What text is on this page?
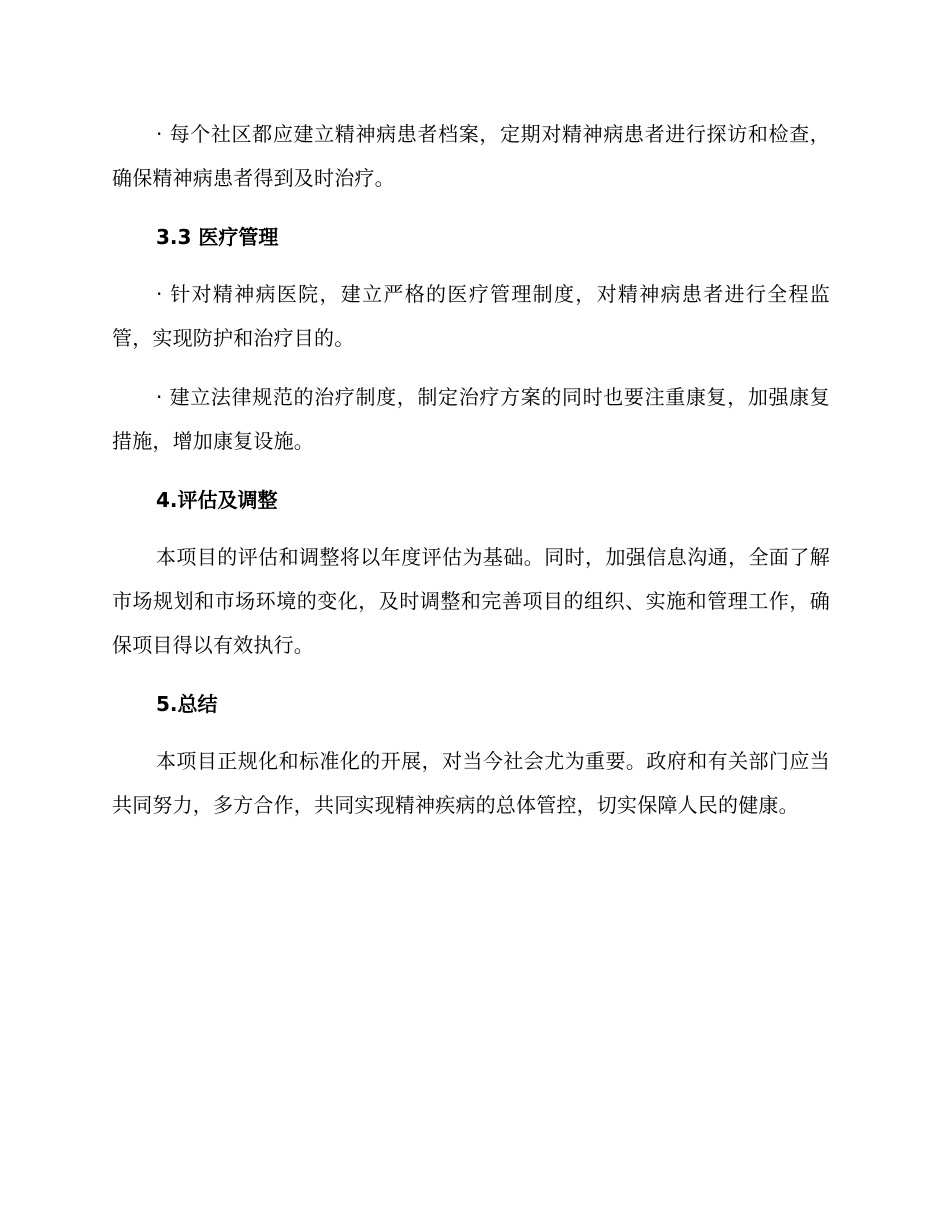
· 每个社区都应建立精神病患者档案，定期对精神病患者进行探访和检查，确保精神病患者得到及时治疗。

3.3 医疗管理

· 针对精神病医院，建立严格的医疗管理制度，对精神病患者进行全程监管，实现防护和治疗目的。

· 建立法律规范的治疗制度，制定治疗方案的同时也要注重康复，加强康复措施，增加康复设施。

4.评估及调整

本项目的评估和调整将以年度评估为基础。同时，加强信息沟通，全面了解市场规划和市场环境的变化，及时调整和完善项目的组织、实施和管理工作，确保项目得以有效执行。

5.总结

本项目正规化和标准化的开展，对当今社会尤为重要。政府和有关部门应当共同努力，多方合作，共同实现精神疾病的总体管控，切实保障人民的健康。
